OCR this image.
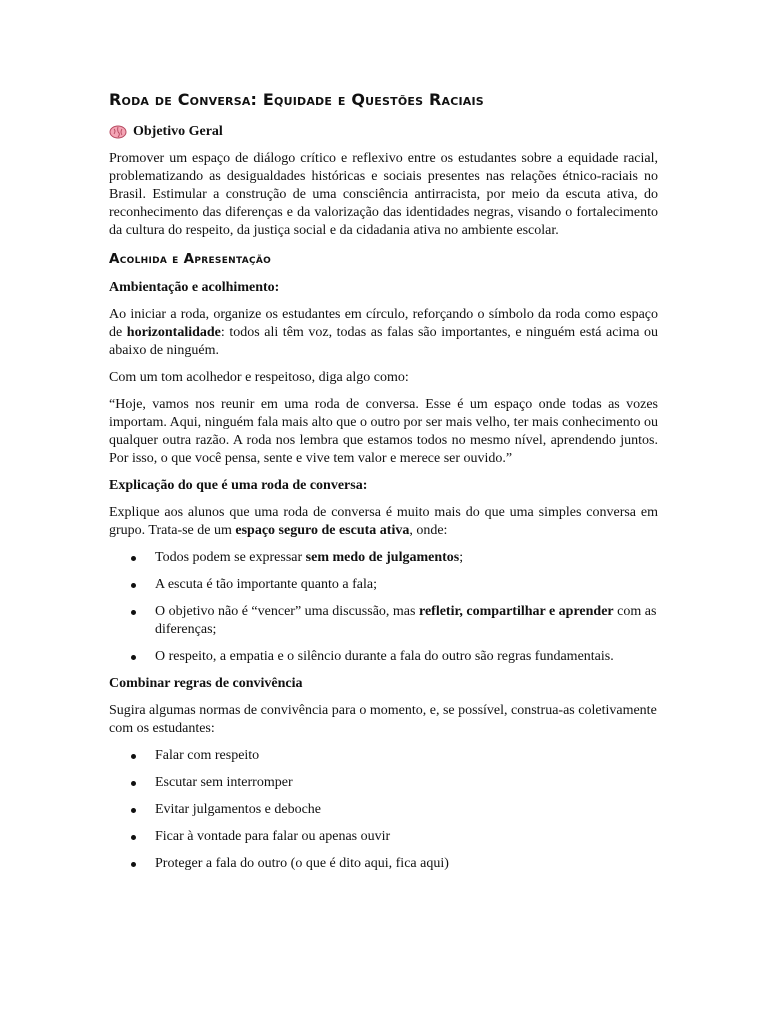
Roda de Conversa: Equidade e Questões Raciais
Objetivo Geral

Promover um espaço de diálogo crítico e reflexivo entre os estudantes sobre a equidade racial, problematizando as desigualdades históricas e sociais presentes nas relações étnico-raciais no Brasil. Estimular a construção de uma consciência antirracista, por meio da escuta ativa, do reconhecimento das diferenças e da valorização das identidades negras, visando o fortalecimento da cultura do respeito, da justiça social e da cidadania ativa no ambiente escolar.

Acolhida e Apresentação

Ambientação e acolhimento:

Ao iniciar a roda, organize os estudantes em círculo, reforçando o símbolo da roda como espaço de horizontalidade: todos ali têm voz, todas as falas são importantes, e ninguém está acima ou abaixo de ninguém.

Com um tom acolhedor e respeitoso, diga algo como:

“Hoje, vamos nos reunir em uma roda de conversa. Esse é um espaço onde todas as vozes importam. Aqui, ninguém fala mais alto que o outro por ser mais velho, ter mais conhecimento ou qualquer outra razão. A roda nos lembra que estamos todos no mesmo nível, aprendendo juntos. Por isso, o que você pensa, sente e vive tem valor e merece ser ouvido.”

Explicação do que é uma roda de conversa:

Explique aos alunos que uma roda de conversa é muito mais do que uma simples conversa em grupo. Trata-se de um espaço seguro de escuta ativa, onde:

Todos podem se expressar sem medo de julgamentos;
A escuta é tão importante quanto a fala;
O objetivo não é “vencer” uma discussão, mas refletir, compartilhar e aprender com as diferenças;
O respeito, a empatia e o silêncio durante a fala do outro são regras fundamentais.

Combinar regras de convivência

Sugira algumas normas de convivência para o momento, e, se possível, construa-as coletivamente com os estudantes:

Falar com respeito
Escutar sem interromper
Evitar julgamentos e deboche
Ficar à vontade para falar ou apenas ouvir
Proteger a fala do outro (o que é dito aqui, fica aqui)
